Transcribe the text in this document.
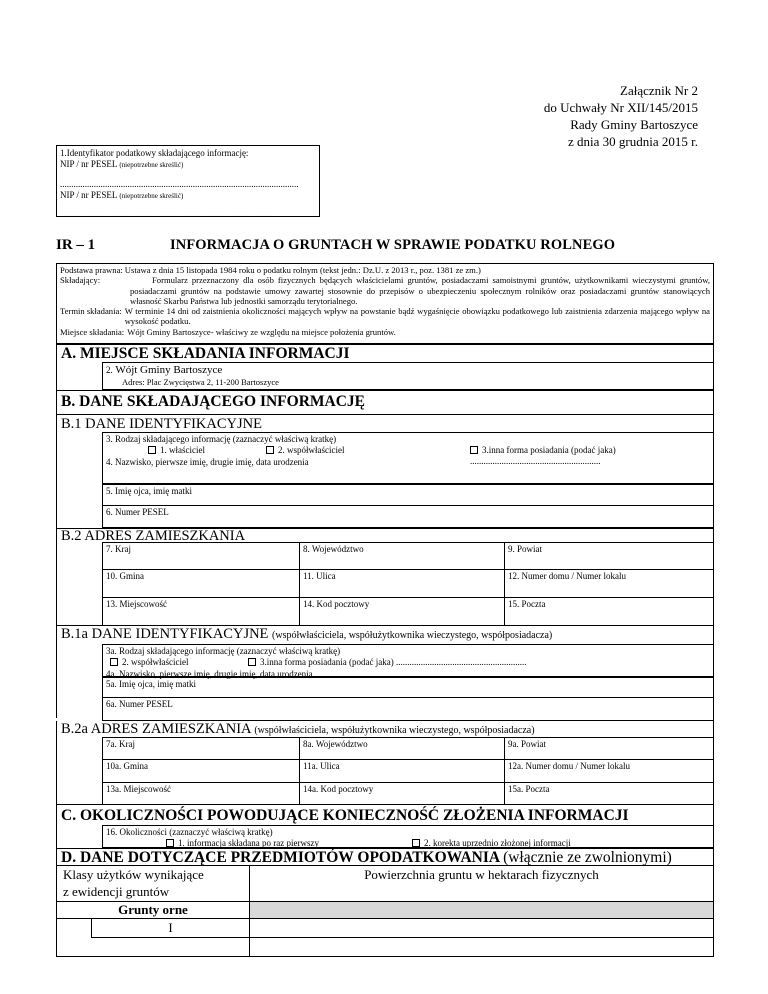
Załącznik Nr 2
do Uchwały Nr XII/145/2015
Rady Gminy Bartoszyce
z dnia 30 grudnia 2015 r.
1.Identyfikator podatkowy składającego informację:
NIP / nr PESEL (niepotrzebne skreślić)
..........................................................................................................
NIP / nr PESEL (niepotrzebne skreślić)
………………………………………………………………
IR – 1	INFORMACJA O GRUNTACH W SPRAWIE PODATKU ROLNEGO
Podstawa prawna: Ustawa z dnia 15 listopada 1984 roku o podatku rolnym (tekst jedn.: Dz.U. z 2013 r., poz. 1381 ze zm.)
Składający:	Formularz przeznaczony dla osób fizycznych będących właścicielami gruntów, posiadaczami samoistnymi gruntów, użytkownikami wieczystymi gruntów, posiadaczami gruntów na podstawie umowy zawartej stosownie do przepisów o ubezpieczeniu społecznym rolników oraz posiadaczami gruntów stanowiących własność Skarbu Państwa lub jednostki samorządu terytorialnego.
Termin składania: W terminie 14 dni od zaistnienia okoliczności mających wpływ na powstanie bądź wygaśnięcie obowiązku podatkowego lub zaistnienia zdarzenia mającego wpływ na wysokość podatku.
Miejsce składania: Wójt Gminy Bartoszyce- właściwy ze względu na miejsce położenia gruntów.
A. MIEJSCE SKŁADANIA INFORMACJI
2. Wójt Gminy Bartoszyce
Adres: Plac Zwycięstwa 2, 11-200 Bartoszyce
B. DANE SKŁADAJĄCEGO INFORMACJĘ
B.1 DANE IDENTYFIKACYJNE
3. Rodzaj składającego informację (zaznaczyć właściwą kratkę)
1. właściciel	2. współwłaściciel	3.inna forma posiadania (podać jaka) ..........................................................
4. Nazwisko, pierwsze imię, drugie imię, data urodzenia
5. Imię ojca, imię matki
6. Numer PESEL
B.2 ADRES ZAMIESZKANIA
7. Kraj	8. Województwo	9. Powiat
10. Gmina	11. Ulica	12. Numer domu / Numer lokalu
13. Miejscowość	14. Kod pocztowy	15. Poczta
B.1a DANE IDENTYFIKACYJNE (współwłaściciela, współużytkownika wieczystego, współposiadacza)
3a. Rodzaj składającego informację (zaznaczyć właściwą kratkę)
2. współwłaściciel	3.inna forma posiadania (podać jaka) ..........................................................
4a. Nazwisko, pierwsze imię, drugie imię, data urodzenia
5a. Imię ojca, imię matki
6a. Numer PESEL
B.2a ADRES ZAMIESZKANIA (współwłaściciela, współużytkownika wieczystego, współposiadacza)
7a. Kraj	8a. Województwo	9a. Powiat
10a. Gmina	11a. Ulica	12a. Numer domu / Numer lokalu
13a. Miejscowość	14a. Kod pocztowy	15a. Poczta
C. OKOLICZNOŚCI POWODUJĄCE KONIECZNOŚĆ ZŁOŻENIA INFORMACJI
16. Okoliczności (zaznaczyć właściwą kratkę)
1. informacja składana po raz pierwszy	2. korekta uprzednio złożonej informacji
D. DANE DOTYCZĄCE PRZEDMIOTÓW OPODATKOWANIA (włącznie ze zwolnionymi)
Klasy użytków wynikające
z ewidencji gruntów
Powierzchnia gruntu w hektarach fizycznych
Grunty orne
I
